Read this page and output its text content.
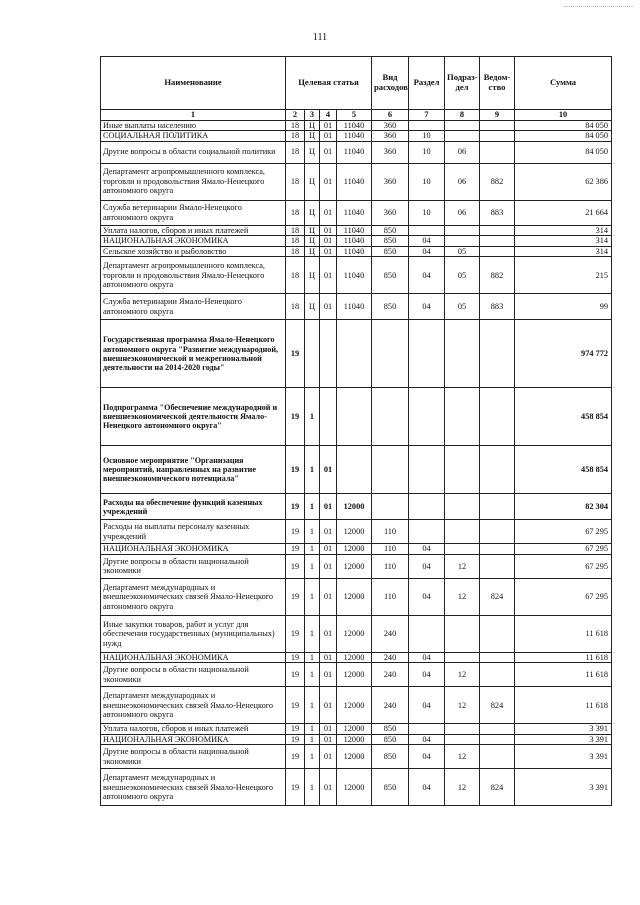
111
Наименование	Целевая статья				Вид расходов	Раздел	Подраз-дел	Ведом-ство	Сумма
1	2	3	4	5	6	7	8	9	10
Иные выплаты населению	18	Ц	01	11040	360				84 050
СОЦИАЛЬНАЯ ПОЛИТИКА	18	Ц	01	11040	360	10			84 050
Другие вопросы в области социальной политики	18	Ц	01	11040	360	10	06		84 050
Департамент агропромышленного комплекса, торговли и продовольствия Ямало-Ненецкого автономного округа	18	Ц	01	11040	360	10	06	882	62 386
Служба ветеринарии Ямало-Ненецкого автономного округа	18	Ц	01	11040	360	10	06	883	21 664
Уплата налогов, сборов и иных платежей	18	Ц	01	11040	850				314
НАЦИОНАЛЬНАЯ ЭКОНОМИКА	18	Ц	01	11040	850	04			314
Сельское хозяйство и рыболовство	18	Ц	01	11040	850	04	05		314
Департамент агропромышленного комплекса, торговли и продовольствия Ямало-Ненецкого автономного округа	18	Ц	01	11040	850	04	05	882	215
Служба ветеринарии Ямало-Ненецкого автономного округа	18	Ц	01	11040	850	04	05	883	99
Государственная программа Ямало-Ненецкого автономного округа "Развитие международной, внешнеэкономической и межрегиональной деятельности на 2014-2020 годы"	19								974 772
Подпрограмма "Обеспечение международной и внешнеэкономической деятельности Ямало-Ненецкого автономного округа"	19	1							458 854
Основное мероприятие "Организация мероприятий, направленных на развитие внешнеэкономического потенциала"	19	1	01						458 854
Расходы на обеспечение функций казенных учреждений	19	1	01	12000					82 304
Расходы на выплаты персоналу казенных учреждений	19	1	01	12000	110				67 295
НАЦИОНАЛЬНАЯ ЭКОНОМИКА	19	1	01	12000	110	04			67 295
Другие вопросы в области национальной экономики	19	1	01	12000	110	04	12		67 295
Департамент международных и внешнеэкономических связей Ямало-Ненецкого автономного округа	19	1	01	12000	110	04	12	824	67 295
Иные закупки товаров, работ и услуг для обеспечения государственных (муниципальных) нужд	19	1	01	12000	240				11 618
НАЦИОНАЛЬНАЯ ЭКОНОМИКА	19	1	01	12000	240	04			11 618
Другие вопросы в области национальной экономики	19	1	01	12000	240	04	12		11 618
Департамент международных и внешнеэкономических связей Ямало-Ненецкого автономного округа	19	1	01	12000	240	04	12	824	11 618
Уплата налогов, сборов и иных платежей	19	1	01	12000	850				3 391
НАЦИОНАЛЬНАЯ ЭКОНОМИКА	19	1	01	12000	850	04			3 391
Другие вопросы в области национальной экономики	19	1	01	12000	850	04	12		3 391
Департамент международных и внешнеэкономических связей Ямало-Ненецкого автономного округа	19	1	01	12000	850	04	12	824	3 391
